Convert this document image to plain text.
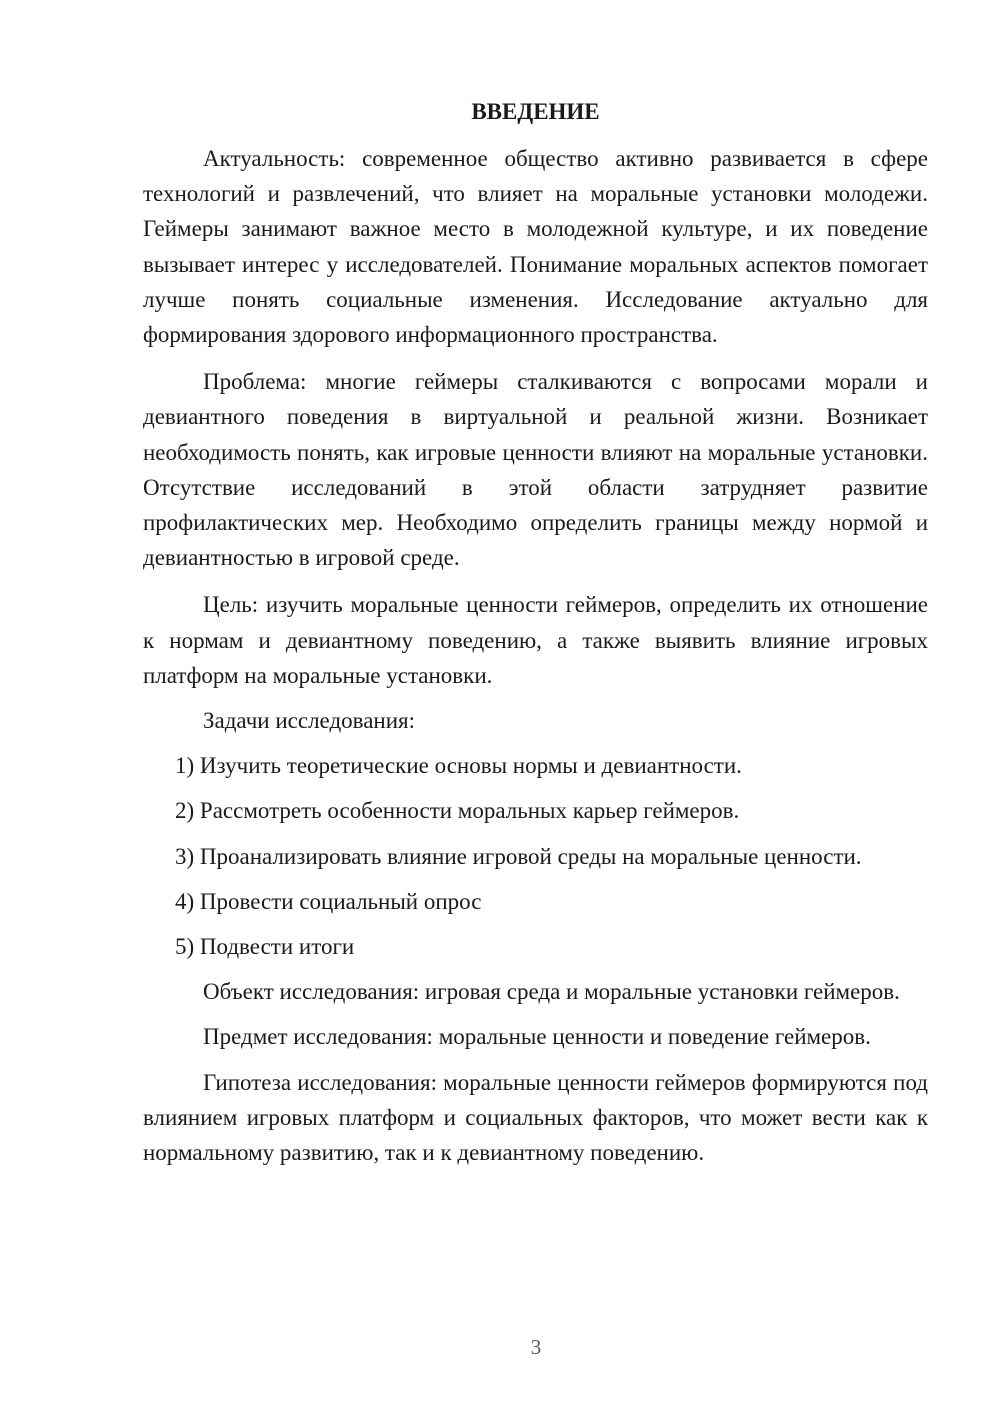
ВВЕДЕНИЕ

Актуальность: современное общество активно развивается в сфере технологий и развлечений, что влияет на моральные установки молодежи. Геймеры занимают важное место в молодежной культуре, и их поведение вызывает интерес у исследователей. Понимание моральных аспектов помогает лучше понять социальные изменения. Исследование актуально для формирования здорового информационного пространства.

Проблема: многие геймеры сталкиваются с вопросами морали и девиантного поведения в виртуальной и реальной жизни. Возникает необходимость понять, как игровые ценности влияют на моральные установки. Отсутствие исследований в этой области затрудняет развитие профилактических мер. Необходимо определить границы между нормой и девиантностью в игровой среде.

Цель: изучить моральные ценности геймеров, определить их отношение к нормам и девиантному поведению, а также выявить влияние игровых платформ на моральные установки.

Задачи исследования:

1) Изучить теоретические основы нормы и девиантности.

2) Рассмотреть особенности моральных карьер геймеров.

3) Проанализировать влияние игровой среды на моральные ценности.

4) Провести социальный опрос

5) Подвести итоги

Объект исследования: игровая среда и моральные установки геймеров.

Предмет исследования: моральные ценности и поведение геймеров.

Гипотеза исследования: моральные ценности геймеров формируются под влиянием игровых платформ и социальных факторов, что может вести как к нормальному развитию, так и к девиантному поведению.

3
